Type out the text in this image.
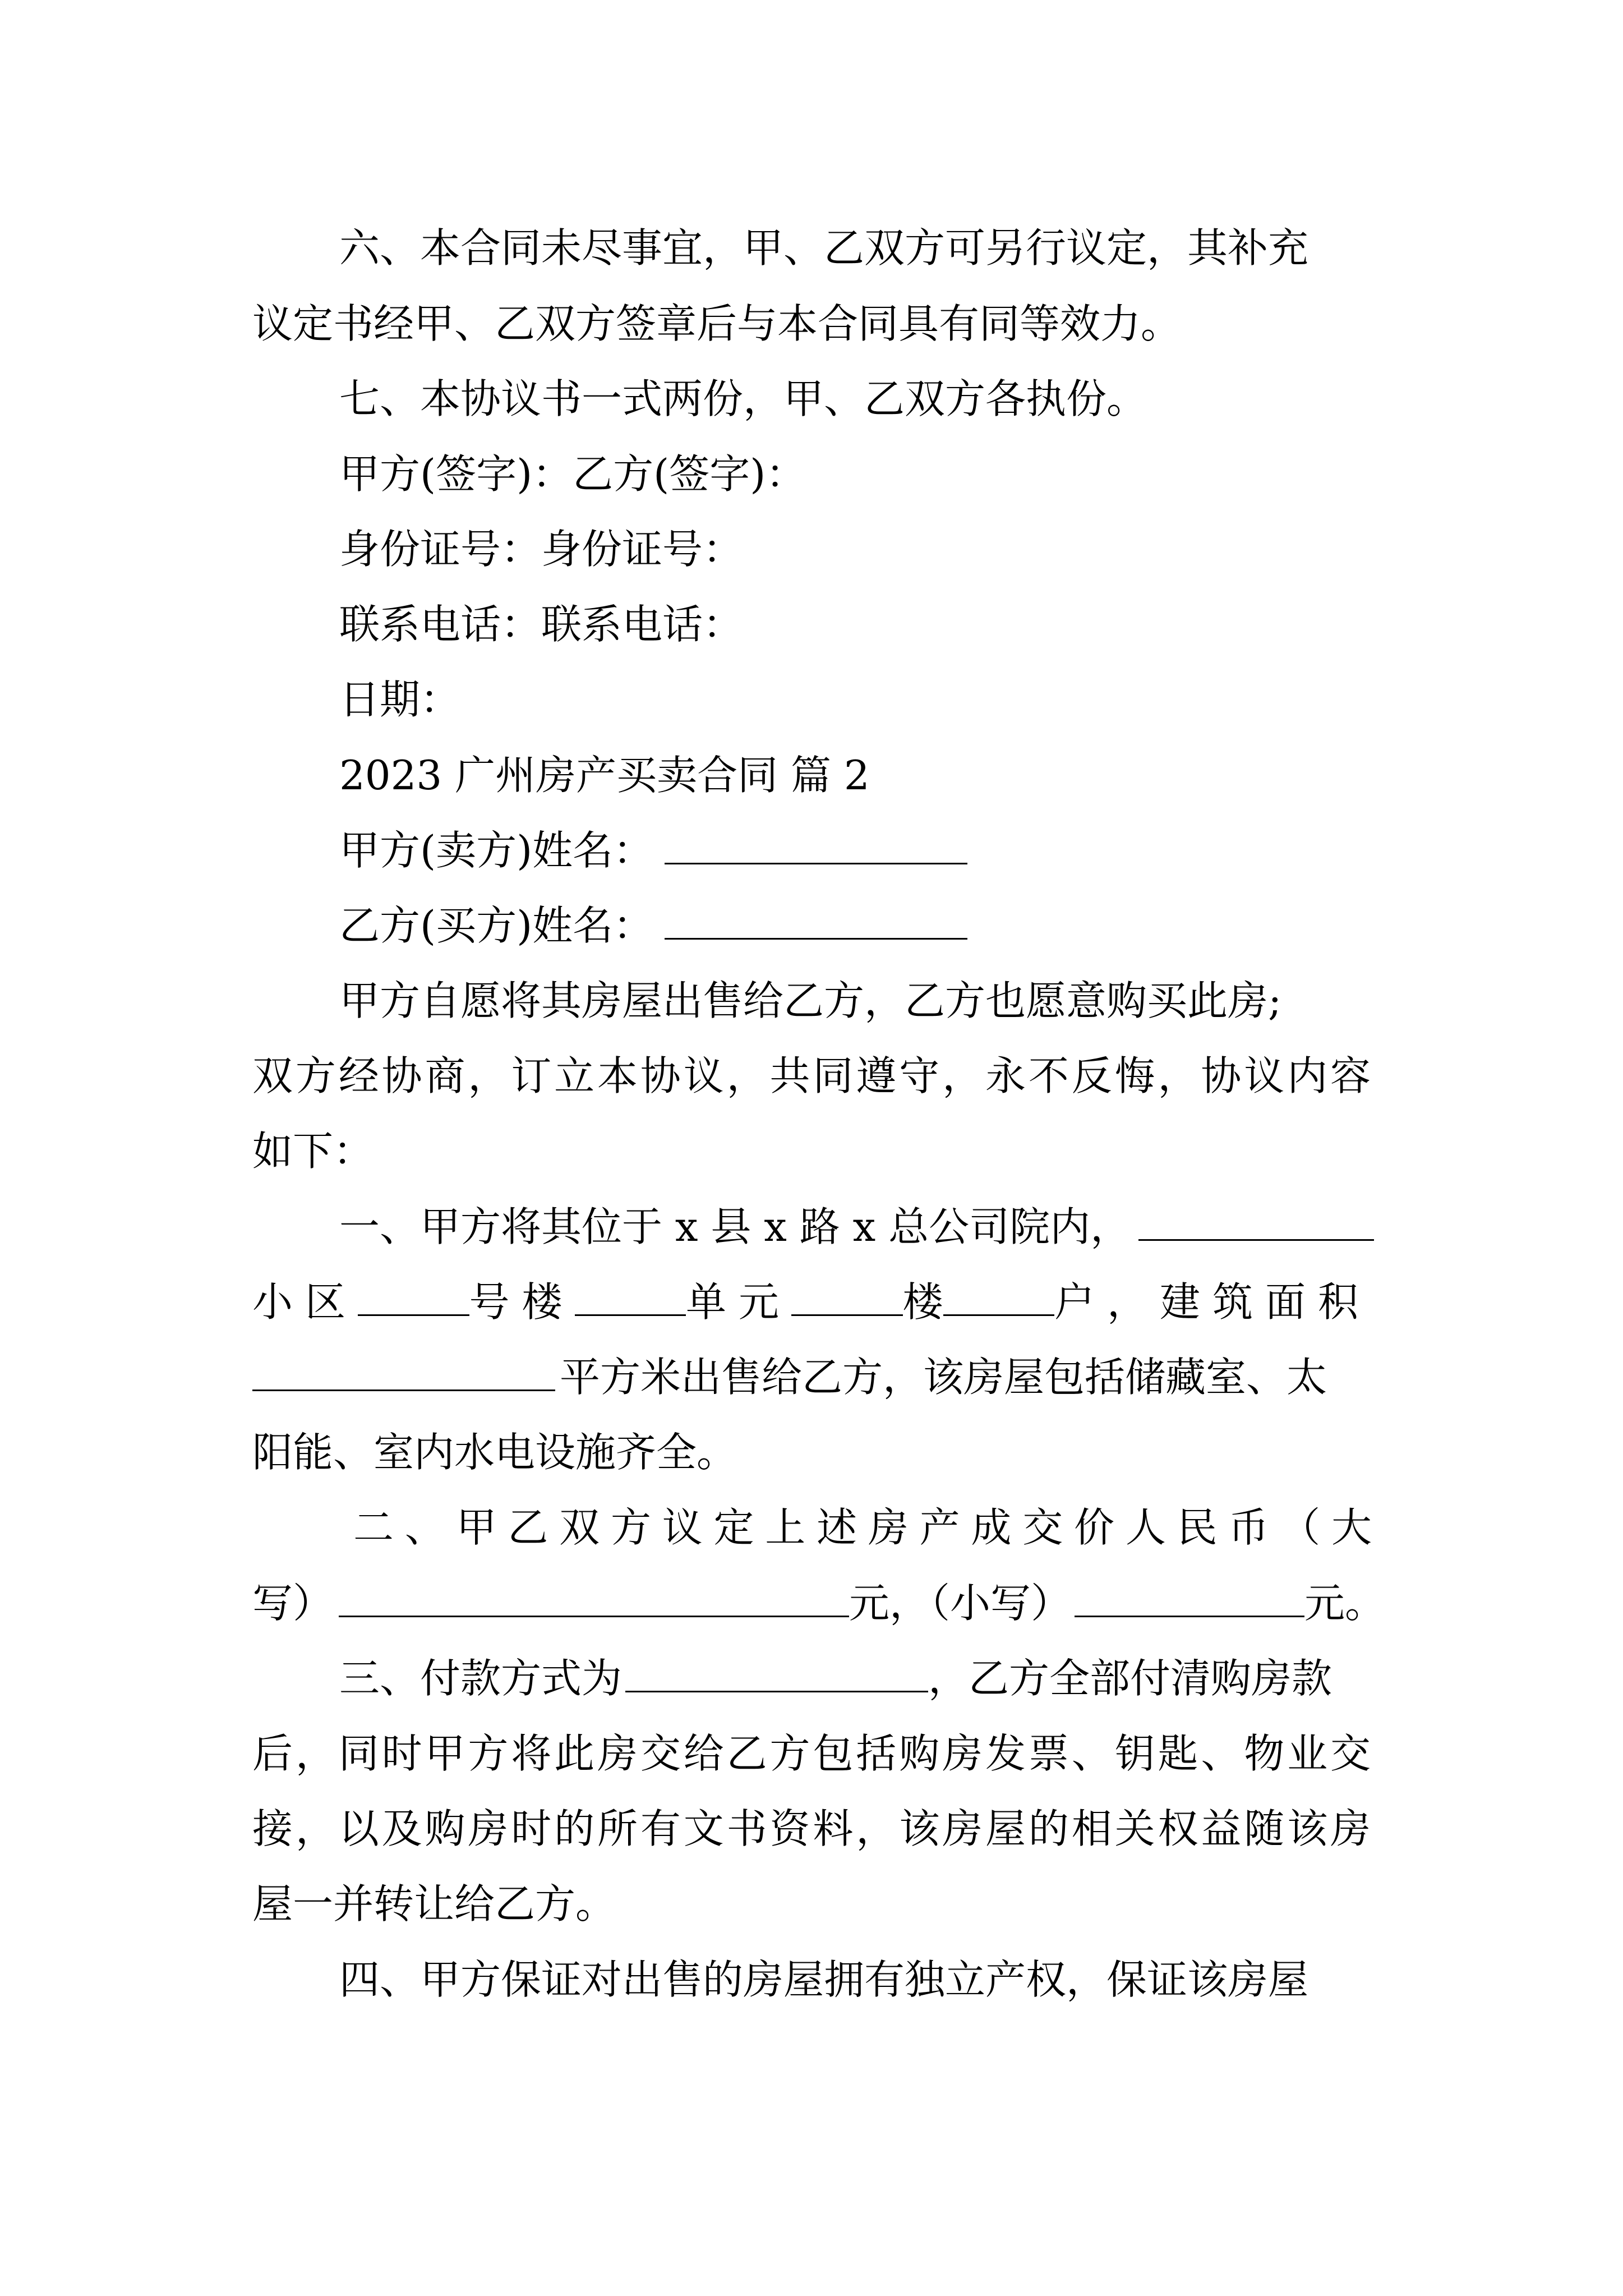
六、本合同未尽事宜，甲、乙双方可另行议定，其补充
议定书经甲、乙双方签章后与本合同具有同等效力。
七、本协议书一式两份，甲、乙双方各执份。
甲方(签字)：乙方(签字)：
身份证号：身份证号：
联系电话：联系电话：
日期：
2023 广州房产买卖合同 篇 2
甲方(卖方)姓名：
乙方(买方)姓名：
甲方自愿将其房屋出售给乙方，乙方也愿意购买此房;
双方经协商，订立本协议，共同遵守，永不反悔，协议内容
如下：
一、甲方将其位于 x 县 x 路 x 总公司院内，
小区	号楼	单元	楼	户，建筑面积
平方米出售给乙方，该房屋包括储藏室、太
阳能、室内水电设施齐全。
二、甲乙双方议定上述房产成交价人民币（大
写）	元，（小写）	元。
三、付款方式为	，乙方全部付清购房款
后，同时甲方将此房交给乙方包括购房发票、钥匙、物业交
接，以及购房时的所有文书资料，该房屋的相关权益随该房
屋一并转让给乙方。
四、甲方保证对出售的房屋拥有独立产权，保证该房屋
